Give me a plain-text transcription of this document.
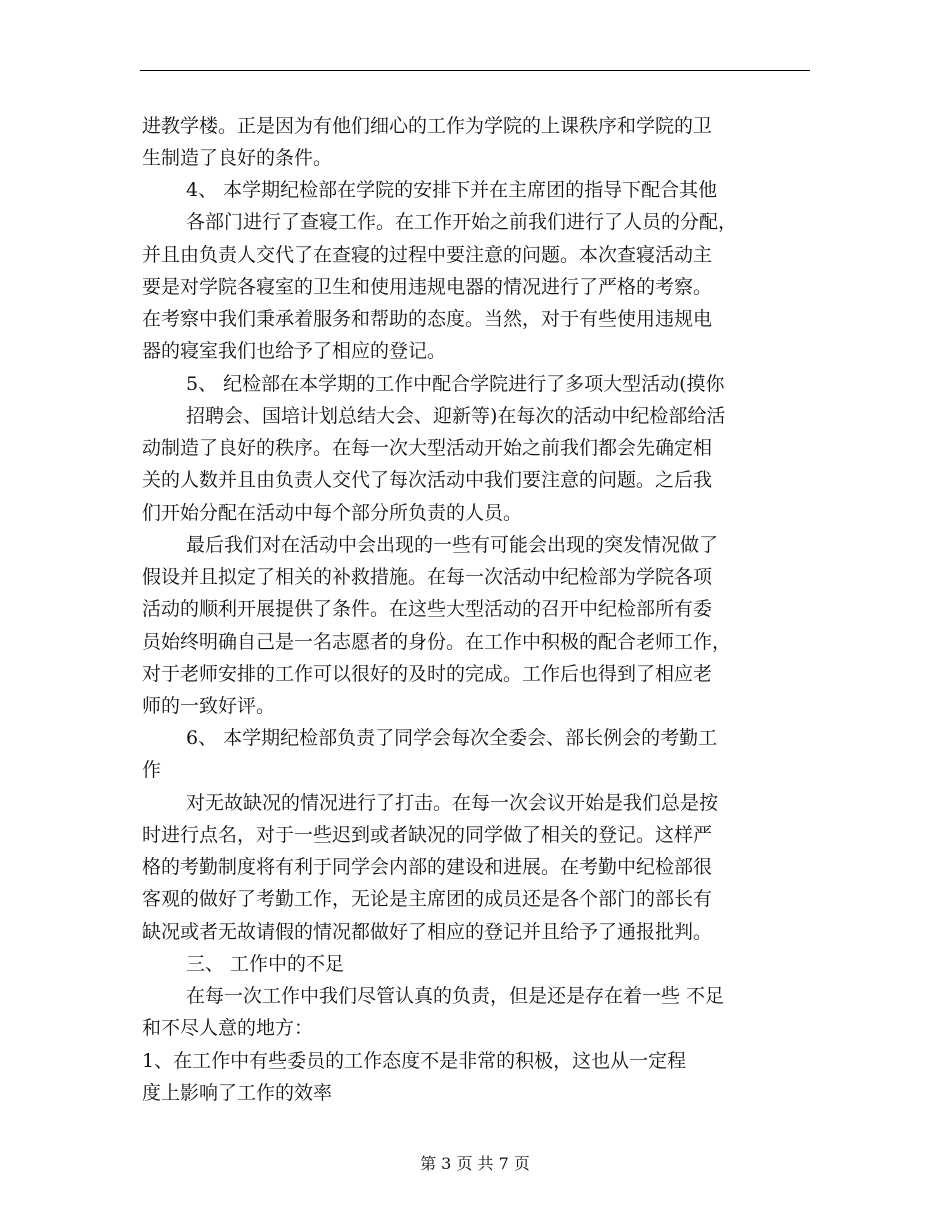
进教学楼。正是因为有他们细心的工作为学院的上课秩序和学院的卫
生制造了良好的条件。
4、 本学期纪检部在学院的安排下并在主席团的指导下配合其他
各部门进行了查寝工作。在工作开始之前我们进行了人员的分配，
并且由负责人交代了在查寝的过程中要注意的问题。本次查寝活动主
要是对学院各寝室的卫生和使用违规电器的情况进行了严格的考察。
在考察中我们秉承着服务和帮助的态度。当然，对于有些使用违规电
器的寝室我们也给予了相应的登记。
5、 纪检部在本学期的工作中配合学院进行了多项大型活动(摸你
招聘会、国培计划总结大会、迎新等)在每次的活动中纪检部给活
动制造了良好的秩序。在每一次大型活动开始之前我们都会先确定相
关的人数并且由负责人交代了每次活动中我们要注意的问题。之后我
们开始分配在活动中每个部分所负责的人员。
最后我们对在活动中会出现的一些有可能会出现的突发情况做了
假设并且拟定了相关的补救措施。在每一次活动中纪检部为学院各项
活动的顺利开展提供了条件。在这些大型活动的召开中纪检部所有委
员始终明确自己是一名志愿者的身份。在工作中积极的配合老师工作，
对于老师安排的工作可以很好的及时的完成。工作后也得到了相应老
师的一致好评。
6、 本学期纪检部负责了同学会每次全委会、部长例会的考勤工
作
对无故缺况的情况进行了打击。在每一次会议开始是我们总是按
时进行点名，对于一些迟到或者缺况的同学做了相关的登记。这样严
格的考勤制度将有利于同学会内部的建设和进展。在考勤中纪检部很
客观的做好了考勤工作，无论是主席团的成员还是各个部门的部长有
缺况或者无故请假的情况都做好了相应的登记并且给予了通报批判。
三、 工作中的不足
在每一次工作中我们尽管认真的负责，但是还是存在着一些 不足
和不尽人意的地方：
1、在工作中有些委员的工作态度不是非常的积极，这也从一定程
度上影响了工作的效率
第 3 页 共 7 页
